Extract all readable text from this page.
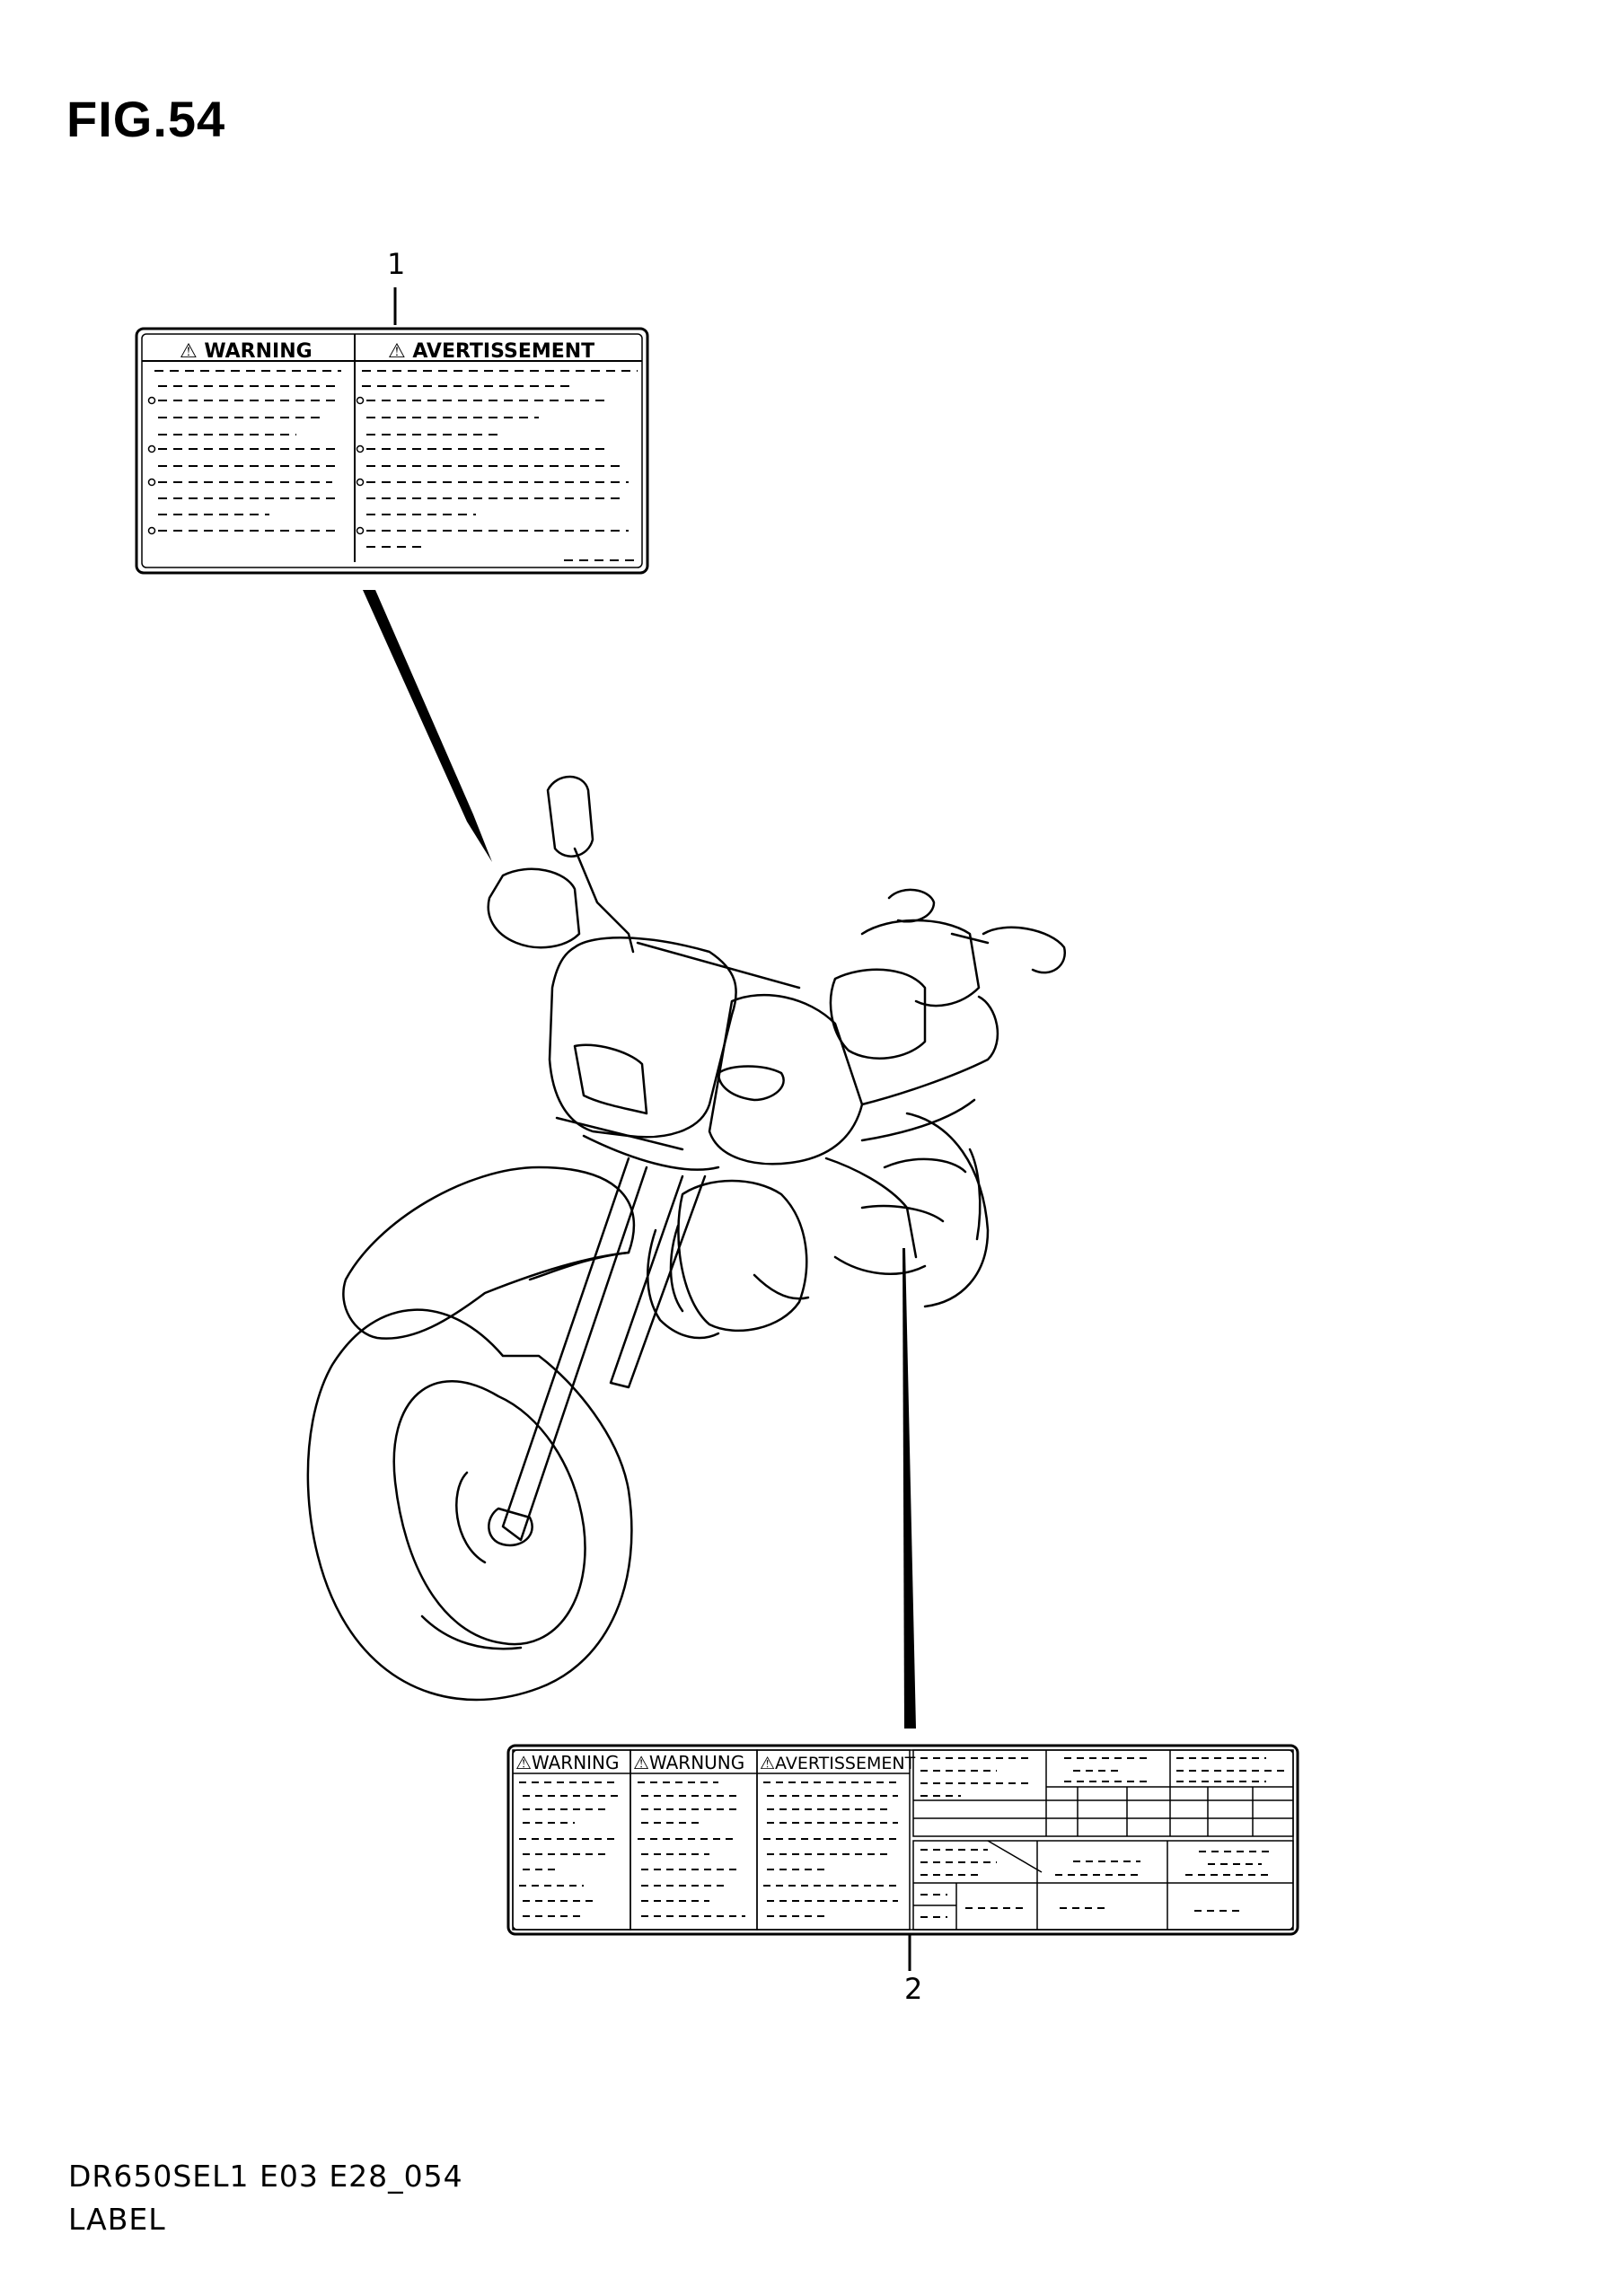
FIG.54
1
2
⚠ WARNING	⚠ AVERTISSEMENT
⚠WARNING ⚠WARNUNG ⚠AVERTISSEMENT
DR650SEL1 E03 E28_054
LABEL
